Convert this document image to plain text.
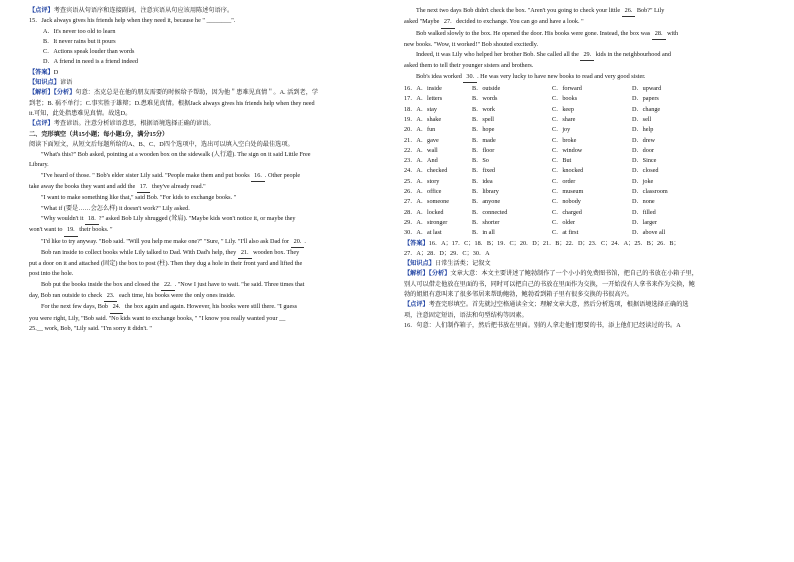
【点评】考查宾语从句语序和连接副词，注意宾语从句应该用陈述句语序。
15．Jack always gives his friends help when they need it, because he " ________".
A．It's never too old to learn
B．It never rains but it pours
C．Actions speak louder than words
D．A friend in need is a friend indeed
【答案】D
【知识点】谚语
【解析】【分析】句意：杰克总是在他的朋友需要的时候给予帮助，因为他＂患难见真情＂。A. 活到老，学
到老；B. 祸不单行；C.事实胜于雄辩；D.患难见真情。根据Jack always gives his friends help when they need
it.可知，此处指患难见真情。故选D。
【点评】考查谚语。注意分析谚语意思，根据语境选择正确的谚语。
二、完形填空（共15小题；每小题1分，满分15分）
阅读下面短文，从短文后每题所给的A、B、C、D四个选项中，选出可以填入空白处的最佳选项。
"What's this?" Bob asked, pointing at a wooden box on the sidewalk (人行道). The sign on it said Little Free
Library.
"I've heard of those. " Bob's elder sister Lily said. "People make them and put books 16. . Other people
take away the books they want and add the 17. they've already read."
"I want to make something like that," said Bob. "For kids to exchange books. "
"What if (要是……会怎么样) it doesn't work?" Lily asked.
"Why wouldn't it 18. ?" asked Bob Lily shrugged (耸肩). "Maybe kids won't notice it, or maybe they
won't want to 19. their books. "
"I'd like to try anyway. "Bob said. "Will you help me make one?" "Sure, " Lily. "I'll also ask Dad for 20. .
Bob ran inside to collect books while Lily talked to Dad. With Dad's help, they 21. wooden box. They
put a door on it and attached (固定) the box to post (柱). Then they dug a hole in their front yard and lifted the
post into the hole.
Bob put the books inside the box and closed the 22. . "Now I just have to wait. "he said. Three times that
day, Bob ran outside to check 23. each time, his books were the only ones inside.
For the next few days, Bob 24. the box again and again. However, his books were still there. "I guess
you were right, Lily, "Bob said. "No kids want to exchange books, " "I know you really wanted your __
25.__ work, Bob, "Lily said. "I'm sorry it didn't. "
The next two days Bob didn't check the box. "Aren't you going to check your little 26. Bob?" Lily
asked "Maybe 27. decided to exchange. You can go and have a look. "
Bob walked slowly to the box. He opened the door. His books were gone. Instead, the box was 28. with
new books. "Wow, it worked!" Bob shouted excitedly.
Indeed, it was Lily who helped her brother Bob. She called all the 29. kids in the neighbourhood and
asked them to tell their younger sisters and brothers.
Bob's idea worked 30. . He was very lucky to have new books to read and very good sister.
16．A．inside	B．outside	C．forward	D．upward
17．A．letters	B．words	C．books	D．papers
18．A．stay	B．work	C．keep	D．change
19．A．shake	B．spell	C．share	D．sell
20．A．fun	B．hope	C．joy	D．help
21．A．gave	B．made	C．broke	D．drew
22．A．wall	B．floor	C．window	D．door
23．A．And	B．So	C．But	D．Since
24．A．checked	B．fixed	C．knocked	D．closed
25．A．story	B．idea	C．order	D．joke
26．A．office	B．library	C．museum	D．classroom
27．A．someone	B．anyone	C．nobody	D．none
28．A．locked	B．connected	C．charged	D．filled
29．A．stronger	B．shorter	C．older	D．larger
30．A．at last	B．in all	C．at first	D．above all
【答案】16．A；17．C；18．B；19．C；20．D；21．B；22．D；23．C；24．A；25．B；26．B；
27．A；28．D；29．C；30．A
【知识点】日常生活类；记叙文
【解析】【分析】文章大意：本文主要讲述了鲍勃制作了一个小小的免费图书馆，把自己的书放在小箱子里，
别人可以借走他放在里面的书，同时可以把自己的书放在里面作为交换，一开始没有人拿书来作为交换，鲍
勃的姐姐有意叫来了很多邻居来帮助鲍勃，鲍勃看到箱子里有很多交换的书很高兴。
【点评】考查完形填空。首先就过空格通读全文；理解文章大意，然后分析选项，根据语境选择正确的选
项，注意固定短语，语法和句型结构等因素。
16．句意：人们制作箱子，然后把书放在里面。别的人拿走他们想要的书，添上他们已经读过的书。A
